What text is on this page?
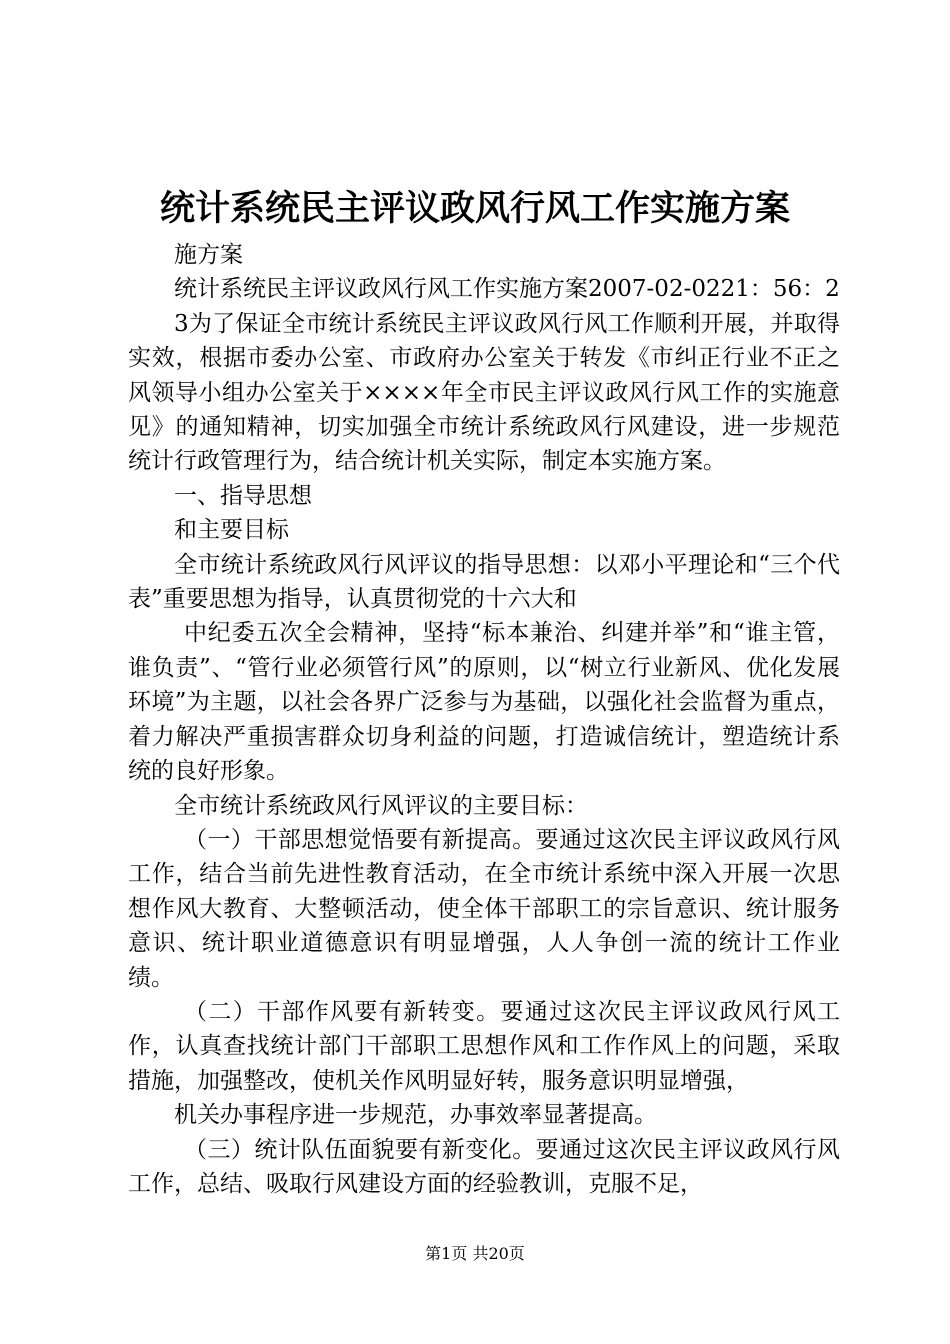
统计系统民主评议政风行风工作实施方案

施方案

统计系统民主评议政风行风工作实施方案2007-02-0221：56：2

3为了保证全市统计系统民主评议政风行风工作顺利开展，并取得实效，根据市委办公室、市政府办公室关于转发《市纠正行业不正之风领导小组办公室关于××××年全市民主评议政风行风工作的实施意见》的通知精神，切实加强全市统计系统政风行风建设，进一步规范统计行政管理行为，结合统计机关实际，制定本实施方案。

一、指导思想

和主要目标

全市统计系统政风行风评议的指导思想：以邓小平理论和“三个代表”重要思想为指导，认真贯彻党的十六大和

中纪委五次全会精神，坚持“标本兼治、纠建并举”和“谁主管，谁负责”、“管行业必须管行风”的原则，以“树立行业新风、优化发展环境”为主题，以社会各界广泛参与为基础，以强化社会监督为重点，着力解决严重损害群众切身利益的问题，打造诚信统计，塑造统计系统的良好形象。

全市统计系统政风行风评议的主要目标：

（一）干部思想觉悟要有新提高。要通过这次民主评议政风行风工作，结合当前先进性教育活动，在全市统计系统中深入开展一次思想作风大教育、大整顿活动，使全体干部职工的宗旨意识、统计服务意识、统计职业道德意识有明显增强，人人争创一流的统计工作业绩。

（二）干部作风要有新转变。要通过这次民主评议政风行风工作，认真查找统计部门干部职工思想作风和工作作风上的问题，采取措施，加强整改，使机关作风明显好转，服务意识明显增强，

机关办事程序进一步规范，办事效率显著提高。

（三）统计队伍面貌要有新变化。要通过这次民主评议政风行风工作，总结、吸取行风建设方面的经验教训，克服不足，

第1页 共20页
